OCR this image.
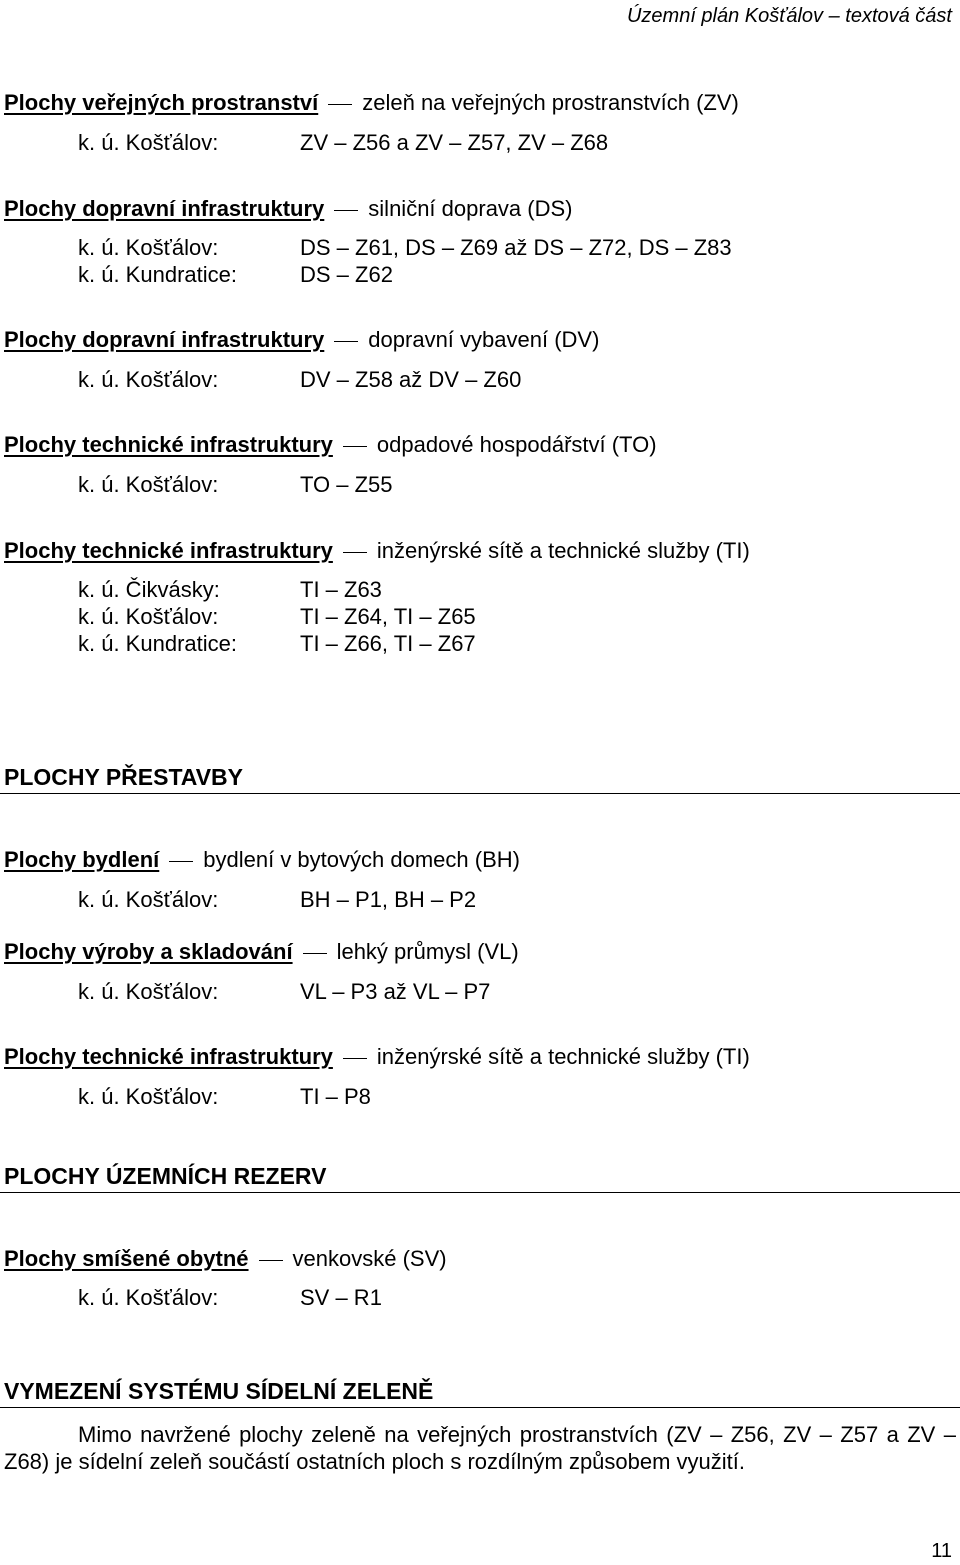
Územní plán Košťálov – textová část
Plochy veřejných prostranství zeleň na veřejných prostranstvích (ZV)
k. ú. Košťálov:	ZV – Z56 a ZV – Z57, ZV – Z68
Plochy dopravní infrastruktury silniční doprava (DS)
k. ú. Košťálov:	DS – Z61, DS – Z69 až DS – Z72, DS – Z83
k. ú. Kundratice:	DS – Z62
Plochy dopravní infrastruktury dopravní vybavení (DV)
k. ú. Košťálov:	DV – Z58 až DV – Z60
Plochy technické infrastruktury odpadové hospodářství (TO)
k. ú. Košťálov:	TO – Z55
Plochy technické infrastruktury inženýrské sítě a technické služby (TI)
k. ú. Čikvásky:	TI – Z63
k. ú. Košťálov:	TI – Z64, TI – Z65
k. ú. Kundratice:	TI – Z66, TI – Z67
PLOCHY PŘESTAVBY
Plochy bydlení bydlení v bytových domech (BH)
k. ú. Košťálov:	BH – P1, BH – P2
Plochy výroby a skladování lehký průmysl (VL)
k. ú. Košťálov:	VL – P3 až VL – P7
Plochy technické infrastruktury inženýrské sítě a technické služby (TI)
k. ú. Košťálov:	TI – P8
PLOCHY ÚZEMNÍCH REZERV
Plochy smíšené obytné venkovské (SV)
k. ú. Košťálov:	SV – R1
VYMEZENÍ SYSTÉMU SÍDELNÍ ZELENĚ
Mimo navržené plochy zeleně na veřejných prostranstvích (ZV – Z56, ZV – Z57 a ZV – Z68) je sídelní zeleň součástí ostatních ploch s rozdílným způsobem využití.
11
